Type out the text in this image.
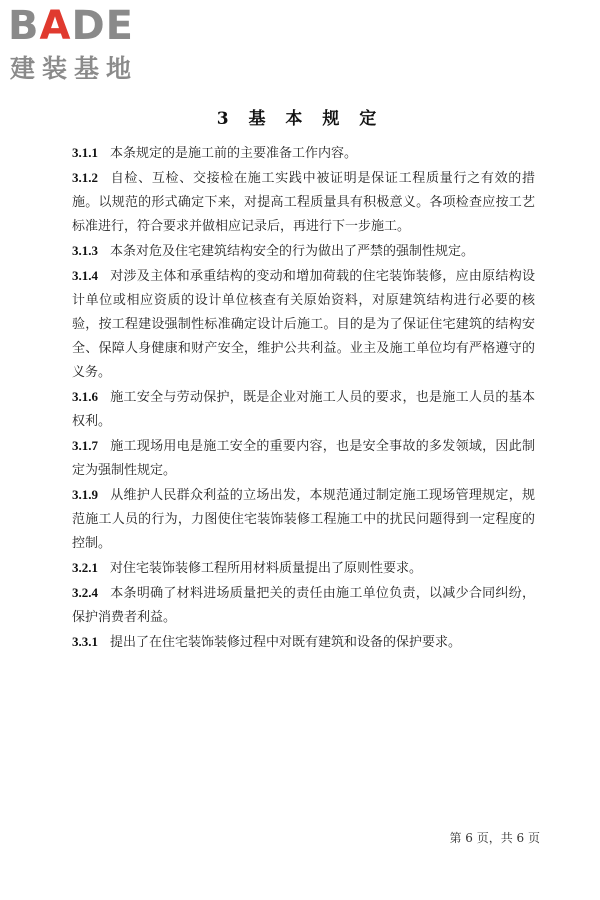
BADE
建装基地
3 基 本 规 定

3.1.1 本条规定的是施工前的主要准备工作内容。

3.1.2 自检、互检、交接检在施工实践中被证明是保证工程质量行之有效的措施。以规范的形式确定下来，对提高工程质量具有积极意义。各项检查应按工艺标准进行，符合要求并做相应记录后，再进行下一步施工。

3.1.3 本条对危及住宅建筑结构安全的行为做出了严禁的强制性规定。

3.1.4 对涉及主体和承重结构的变动和增加荷载的住宅装饰装修，应由原结构设计单位或相应资质的设计单位核查有关原始资料，对原建筑结构进行必要的核验，按工程建设强制性标准确定设计后施工。目的是为了保证住宅建筑的结构安全、保障人身健康和财产安全，维护公共利益。业主及施工单位均有严格遵守的义务。

3.1.6 施工安全与劳动保护，既是企业对施工人员的要求，也是施工人员的基本权利。

3.1.7 施工现场用电是施工安全的重要内容，也是安全事故的多发领域，因此制定为强制性规定。

3.1.9 从维护人民群众利益的立场出发，本规范通过制定施工现场管理规定，规范施工人员的行为，力图使住宅装饰装修工程施工中的扰民问题得到一定程度的控制。

3.2.1 对住宅装饰装修工程所用材料质量提出了原则性要求。

3.2.4 本条明确了材料进场质量把关的责任由施工单位负责，以减少合同纠纷，保护消费者利益。

3.3.1 提出了在住宅装饰装修过程中对既有建筑和设备的保护要求。

第 6 页，共 6 页
